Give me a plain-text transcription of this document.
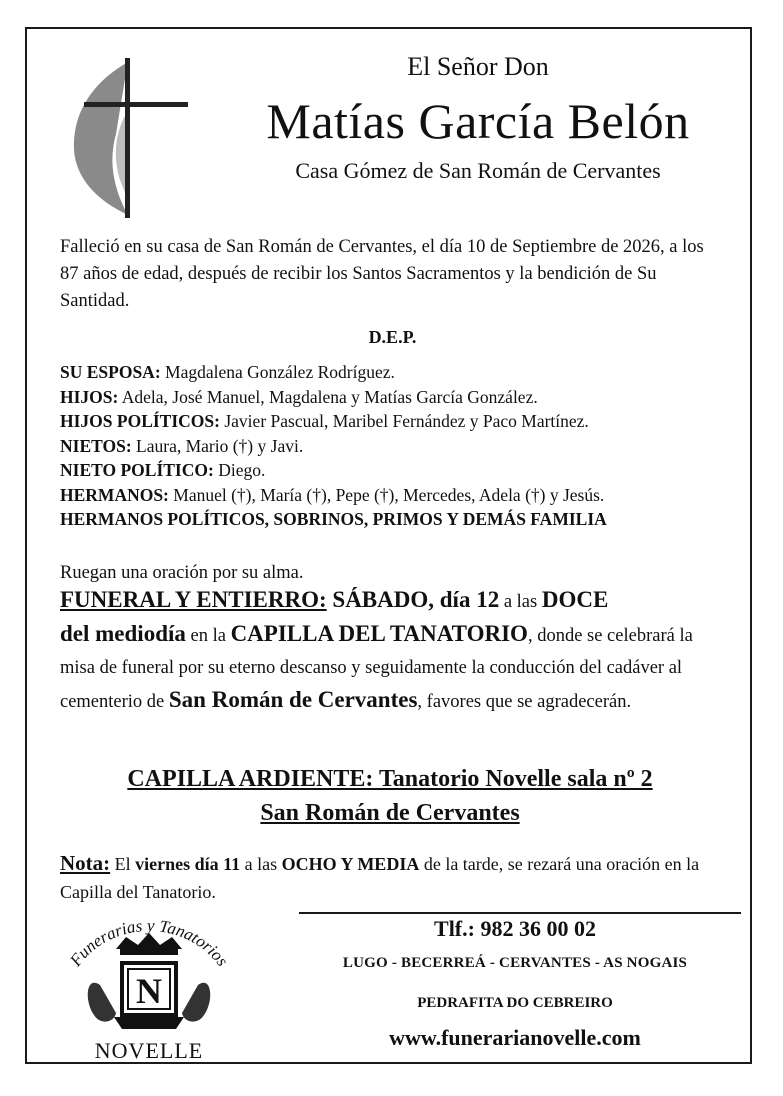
El Señor Don
Matías García Belón
Casa Gómez de San Román de Cervantes
Falleció en su casa de San Román de Cervantes, el día 10 de Septiembre de 2026, a los 87 años de edad, después de recibir los Santos Sacramentos y la bendición de Su Santidad.
D.E.P.
SU ESPOSA: Magdalena González Rodríguez.
HIJOS: Adela, José Manuel, Magdalena y Matías García González.
HIJOS POLÍTICOS: Javier Pascual, Maribel Fernández y Paco Martínez.
NIETOS: Laura, Mario (†) y Javi.
NIETO POLÍTICO: Diego.
HERMANOS: Manuel (†), María (†), Pepe (†), Mercedes, Adela (†) y Jesús.
HERMANOS POLÍTICOS, SOBRINOS, PRIMOS Y DEMÁS FAMILIA
Ruegan una oración por su alma.
FUNERAL Y ENTIERRO: SÁBADO, día 12 a las DOCE
del mediodía en la CAPILLA DEL TANATORIO, donde se celebrará la misa de funeral por su eterno descanso y seguidamente la conducción del cadáver al cementerio de San Román de Cervantes, favores que se agradecerán.
CAPILLA ARDIENTE: Tanatorio Novelle sala nº 2
San Román de Cervantes
Nota: El viernes día 11 a las OCHO Y MEDIA de la tarde, se rezará una oración en la Capilla del Tanatorio.
Funerarias y Tanatorios
N
NOVELLE
Tlf.: 982 36 00 02
LUGO - BECERREÁ - CERVANTES - AS NOGAIS
PEDRAFITA DO CEBREIRO
www.funerarianovelle.com
